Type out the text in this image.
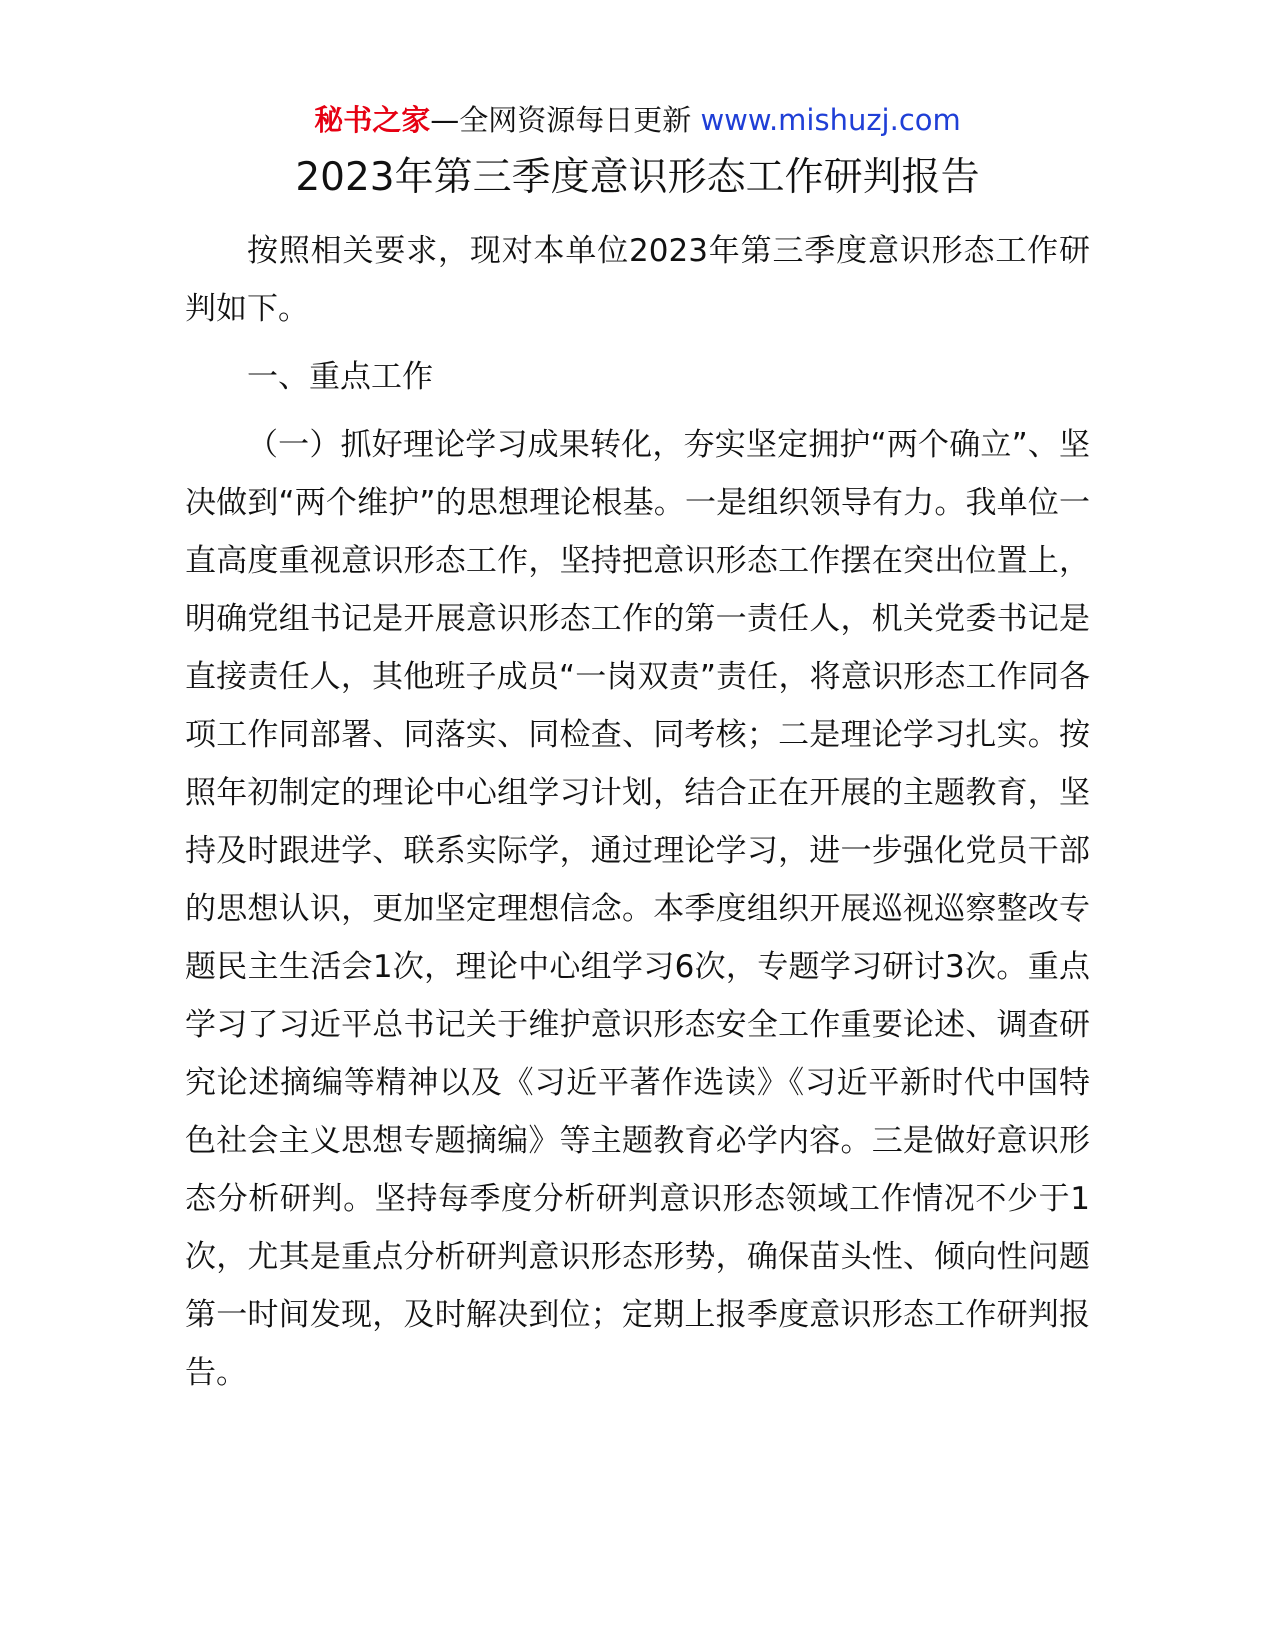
秘书之家—全网资源每日更新 www.mishuzj.com
2023年第三季度意识形态工作研判报告

按照相关要求，现对本单位2023年第三季度意识形态工作研判如下。

一、重点工作

（一）抓好理论学习成果转化，夯实坚定拥护“两个确立”、坚决做到“两个维护”的思想理论根基。一是组织领导有力。我单位一直高度重视意识形态工作，坚持把意识形态工作摆在突出位置上，明确党组书记是开展意识形态工作的第一责任人，机关党委书记是直接责任人，其他班子成员“一岗双责”责任，将意识形态工作同各项工作同部署、同落实、同检查、同考核；二是理论学习扎实。按照年初制定的理论中心组学习计划，结合正在开展的主题教育，坚持及时跟进学、联系实际学，通过理论学习，进一步强化党员干部的思想认识，更加坚定理想信念。本季度组织开展巡视巡察整改专题民主生活会1次，理论中心组学习6次，专题学习研讨3次。重点学习了习近平总书记关于维护意识形态安全工作重要论述、调查研究论述摘编等精神以及《习近平著作选读》《习近平新时代中国特色社会主义思想专题摘编》等主题教育必学内容。三是做好意识形态分析研判。坚持每季度分析研判意识形态领域工作情况不少于1次，尤其是重点分析研判意识形态形势，确保苗头性、倾向性问题第一时间发现，及时解决到位；定期上报季度意识形态工作研判报告。
